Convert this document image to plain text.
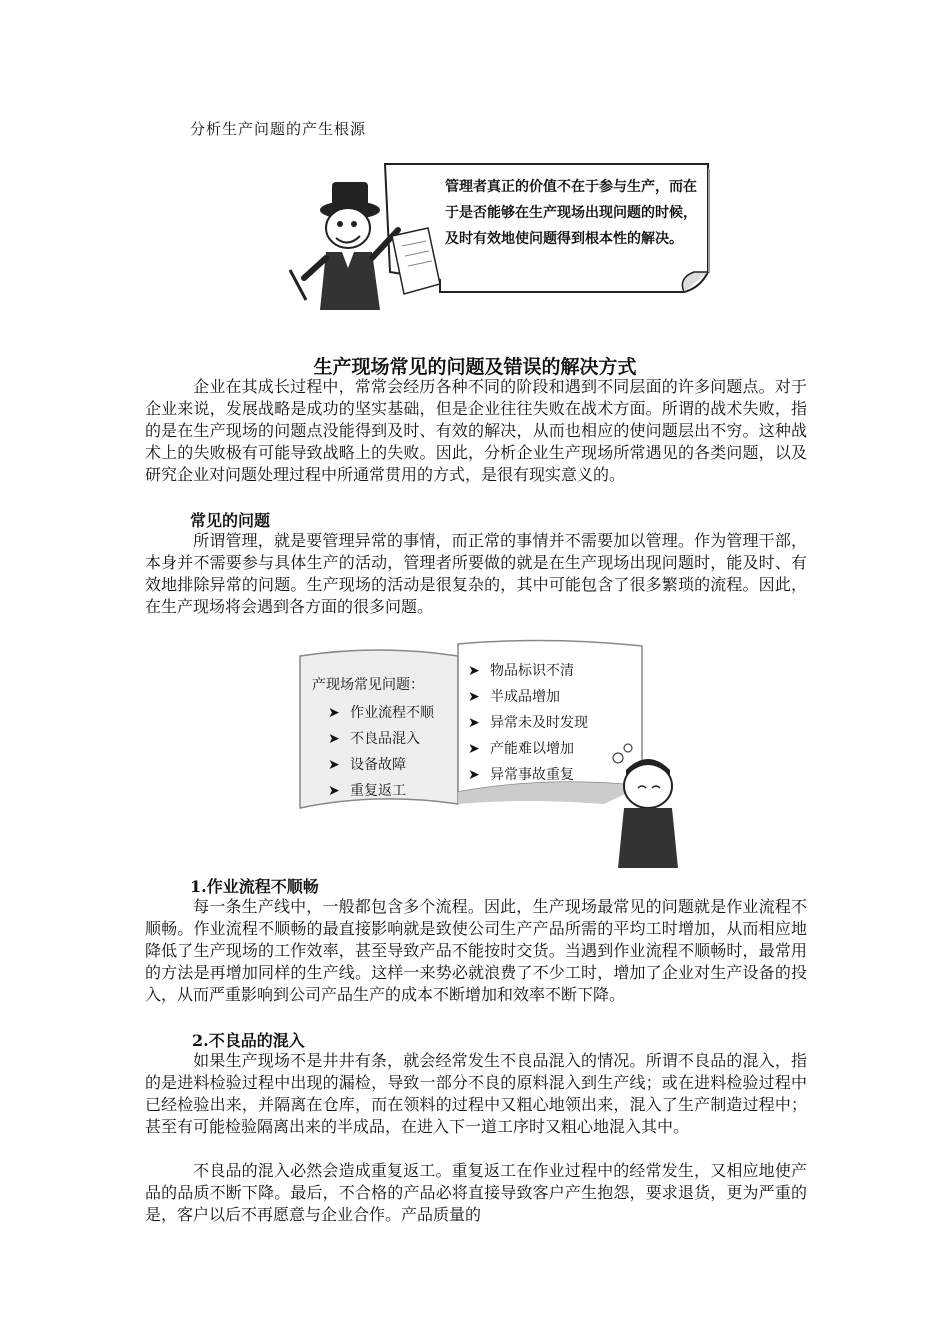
分析生产问题的产生根源
管理者真正的价值不在于参与生产，而在于是否能够在生产现场出现问题的时候，及时有效地使问题得到根本性的解决。
生产现场常见的问题及错误的解决方式
企业在其成长过程中，常常会经历各种不同的阶段和遇到不同层面的许多问题点。对于企业来说，发展战略是成功的坚实基础，但是企业往往失败在战术方面。所谓的战术失败，指的是在生产现场的问题点没能得到及时、有效的解决，从而也相应的使问题层出不穷。这种战术上的失败极有可能导致战略上的失败。因此，分析企业生产现场所常遇见的各类问题，以及研究企业对问题处理过程中所通常贯用的方式，是很有现实意义的。
常见的问题
所谓管理，就是要管理异常的事情，而正常的事情并不需要加以管理。作为管理干部，本身并不需要参与具体生产的活动，管理者所要做的就是在生产现场出现问题时，能及时、有效地排除异常的问题。生产现场的活动是很复杂的，其中可能包含了很多繁琐的流程。因此，在生产现场将会遇到各方面的很多问题。
产现场常见问题：
➤ 作业流程不顺
➤ 不良品混入
➤ 设备故障
➤ 重复返工
➤ 物品标识不清
➤ 半成品增加
➤ 异常未及时发现
➤ 产能难以增加
➤ 异常事故重复
1.作业流程不顺畅
每一条生产线中，一般都包含多个流程。因此，生产现场最常见的问题就是作业流程不顺畅。作业流程不顺畅的最直接影响就是致使公司生产产品所需的平均工时增加，从而相应地降低了生产现场的工作效率，甚至导致产品不能按时交货。当遇到作业流程不顺畅时，最常用的方法是再增加同样的生产线。这样一来势必就浪费了不少工时，增加了企业对生产设备的投入，从而严重影响到公司产品生产的成本不断增加和效率不断下降。
2.不良品的混入
如果生产现场不是井井有条，就会经常发生不良品混入的情况。所谓不良品的混入，指的是进料检验过程中出现的漏检，导致一部分不良的原料混入到生产线；或在进料检验过程中已经检验出来，并隔离在仓库，而在领料的过程中又粗心地领出来，混入了生产制造过程中；甚至有可能检验隔离出来的半成品，在进入下一道工序时又粗心地混入其中。
不良品的混入必然会造成重复返工。重复返工在作业过程中的经常发生，又相应地使产品的品质不断下降。最后，不合格的产品必将直接导致客户产生抱怨，要求退货，更为严重的是，客户以后不再愿意与企业合作。产品质量的
